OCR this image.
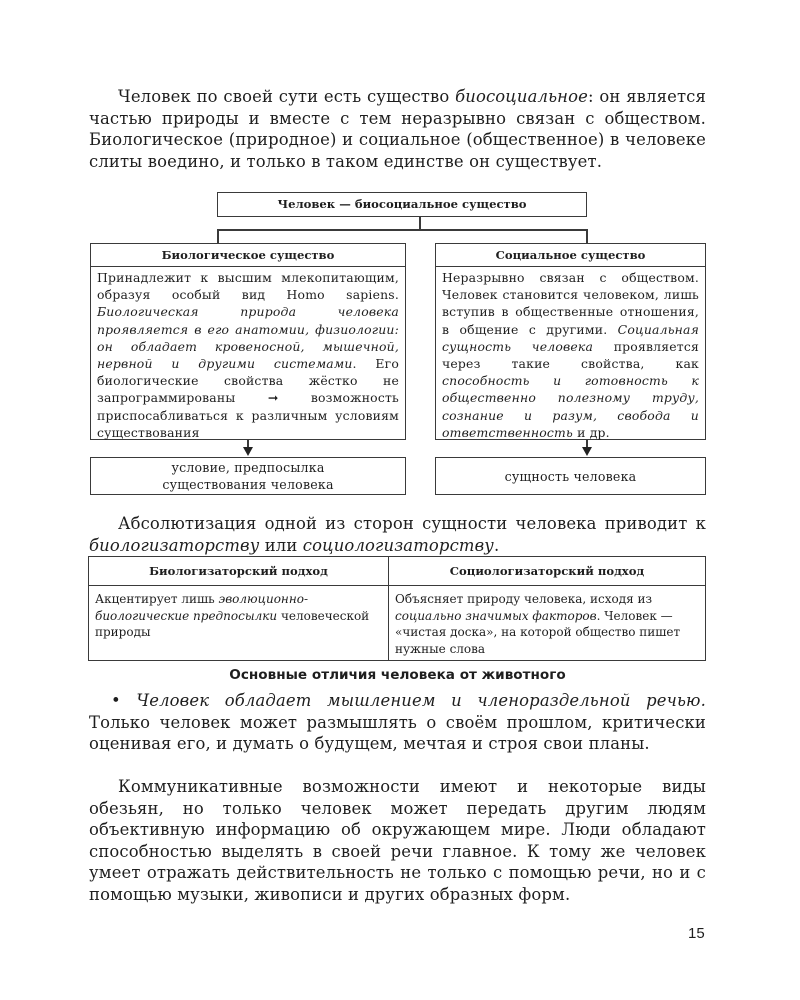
Человек по своей сути есть существо биосоциальное: он является частью природы и вместе с тем неразрывно связан с обществом. Биологическое (природное) и социальное (общественное) в человеке слиты воедино, и только в таком единстве он существует.
Человек — биосоциальное существо
Биологическое существо
Принадлежит к высшим млекопитающим, образуя особый вид Homo sapiens. Биологическая природа человека проявляется в его анатомии, физиологии: он обладает кровеносной, мышечной, нервной и другими системами. Его биологические свойства жёстко не запрограммированы ➞ возможность приспосабливаться к различным условиям существования
условие, предпосылка существования человека
Социальное существо
Неразрывно связан с обществом. Человек становится человеком, лишь вступив в общественные отношения, в общение с другими. Социальная сущность человека проявляется через такие свойства, как способность и готовность к общественно полезному труду, сознание и разум, свобода и ответственность и др.
сущность человека
Абсолютизация одной из сторон сущности человека приводит к биологизаторству или социологизаторству.
Биологизаторский подход	Социологизаторский подход
Акцентирует лишь эволюционно-биологические предпосылки человеческой природы	Объясняет природу человека, исходя из социально значимых факторов. Человек — «чистая доска», на которой общество пишет нужные слова
Основные отличия человека от животного
• Человек обладает мышлением и членораздельной речью. Только человек может размышлять о своём прошлом, критически оценивая его, и думать о будущем, мечтая и строя свои планы.
Коммуникативные возможности имеют и некоторые виды обезьян, но только человек может передать другим людям объективную информацию об окружающем мире. Люди обладают способностью выделять в своей речи главное. К тому же человек умеет отражать действительность не только с помощью речи, но и с помощью музыки, живописи и других образных форм.
15
